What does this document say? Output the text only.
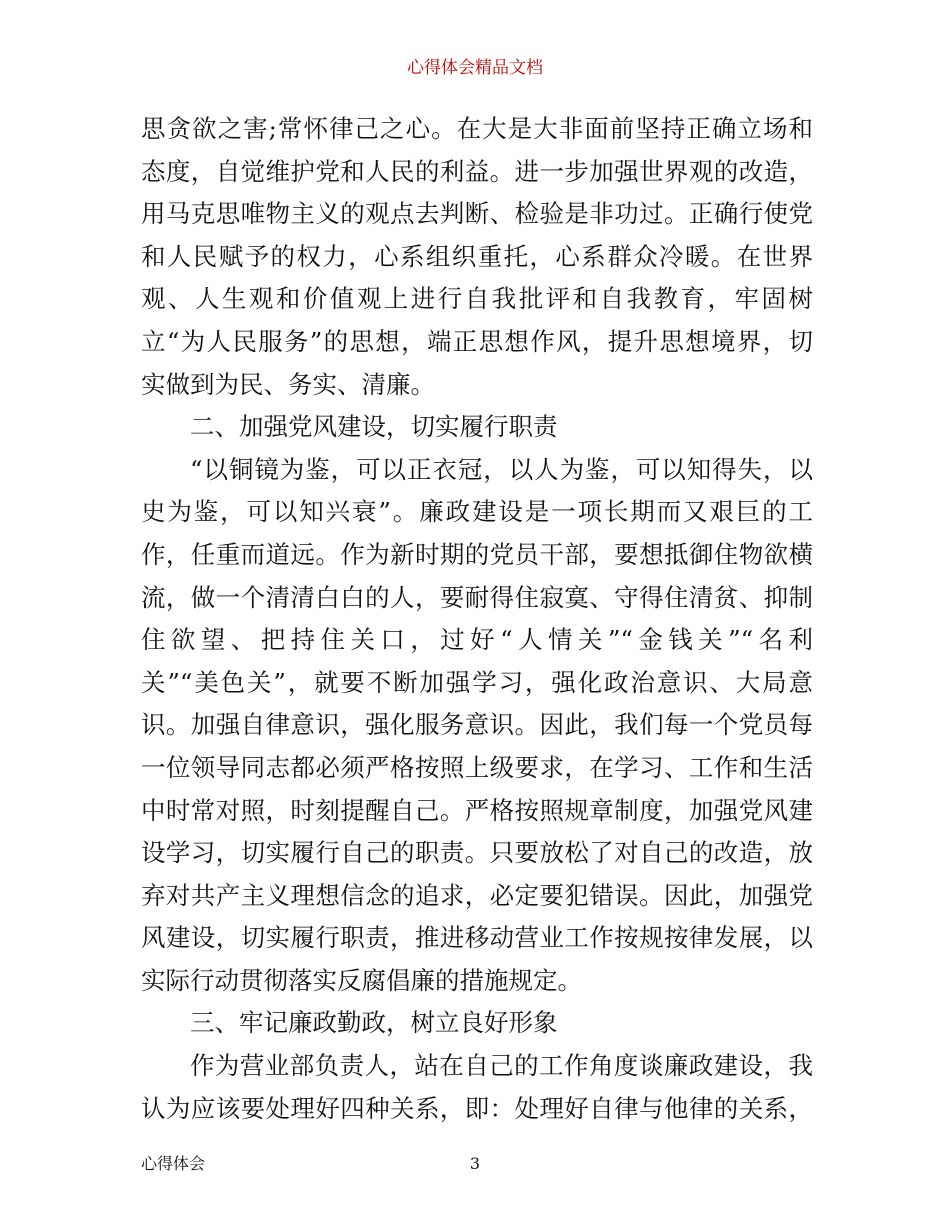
心得体会精品文档
思贪欲之害;常怀律己之心。在大是大非面前坚持正确立场和
态度，自觉维护党和人民的利益。进一步加强世界观的改造，
用马克思唯物主义的观点去判断、检验是非功过。正确行使党
和人民赋予的权力，心系组织重托，心系群众冷暖。在世界
观、人生观和价值观上进行自我批评和自我教育，牢固树
立“为人民服务”的思想，端正思想作风，提升思想境界，切
实做到为民、务实、清廉。
二、加强党风建设，切实履行职责
“以铜镜为鉴，可以正衣冠，以人为鉴，可以知得失，以
史为鉴，可以知兴衰”。廉政建设是一项长期而又艰巨的工
作，任重而道远。作为新时期的党员干部，要想抵御住物欲横
流，做一个清清白白的人，要耐得住寂寞、守得住清贫、抑制
住欲望、把持住关口，过好“人情关”“金钱关”“名利
关”“美色关”，就要不断加强学习，强化政治意识、大局意
识。加强自律意识，强化服务意识。因此，我们每一个党员每
一位领导同志都必须严格按照上级要求，在学习、工作和生活
中时常对照，时刻提醒自己。严格按照规章制度，加强党风建
设学习，切实履行自己的职责。只要放松了对自己的改造，放
弃对共产主义理想信念的追求，必定要犯错误。因此，加强党
风建设，切实履行职责，推进移动营业工作按规按律发展，以
实际行动贯彻落实反腐倡廉的措施规定。
三、牢记廉政勤政，树立良好形象
作为营业部负责人，站在自己的工作角度谈廉政建设，我
认为应该要处理好四种关系，即：处理好自律与他律的关系，
心得体会	3
